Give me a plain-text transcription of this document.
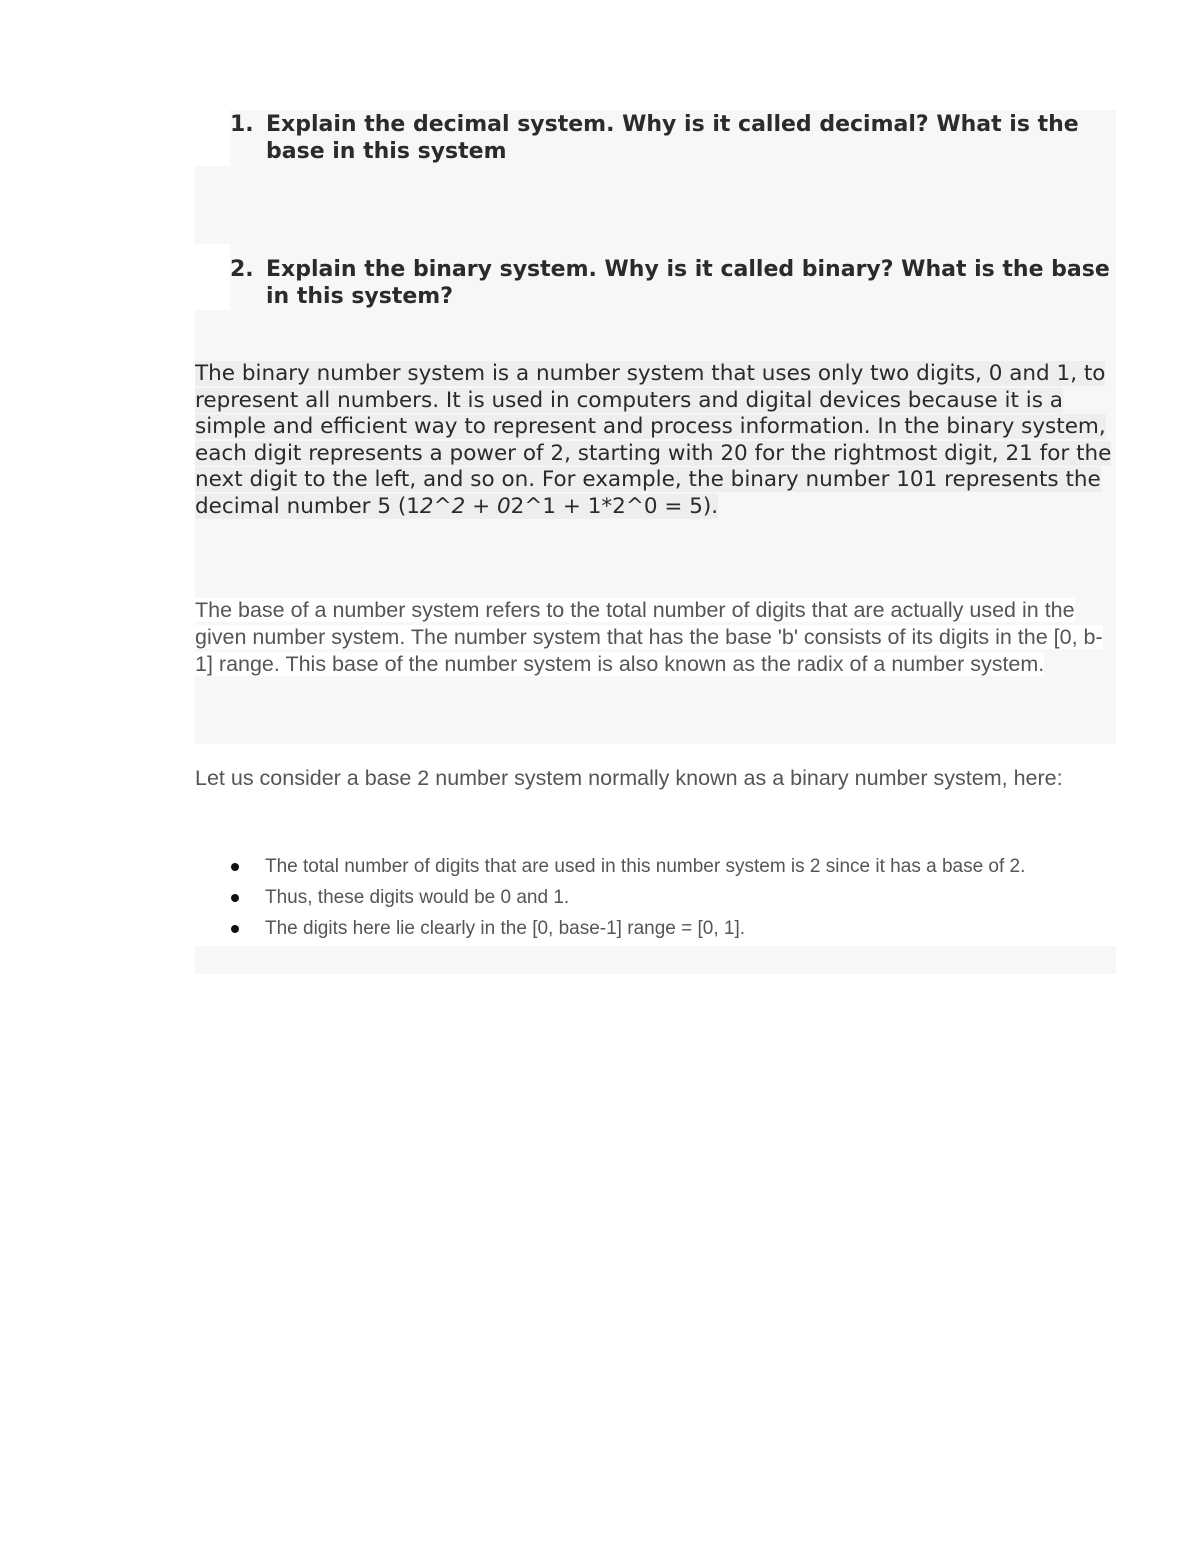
1. Explain the decimal system. Why is it called decimal? What is the base in this system
2. Explain the binary system. Why is it called binary? What is the base in this system?
The binary number system is a number system that uses only two digits, 0 and 1, to represent all numbers. It is used in computers and digital devices because it is a simple and efficient way to represent and process information. In the binary system, each digit represents a power of 2, starting with 20 for the rightmost digit, 21 for the next digit to the left, and so on. For example, the binary number 101 represents the decimal number 5 (12^2 + 02^1 + 1*2^0 = 5).
The base of a number system refers to the total number of digits that are actually used in the given number system. The number system that has the base 'b' consists of its digits in the [0, b-1] range. This base of the number system is also known as the radix of a number system.
Let us consider a base 2 number system normally known as a binary number system, here:
The total number of digits that are used in this number system is 2 since it has a base of 2.
Thus, these digits would be 0 and 1.
The digits here lie clearly in the [0, base-1] range = [0, 1].
